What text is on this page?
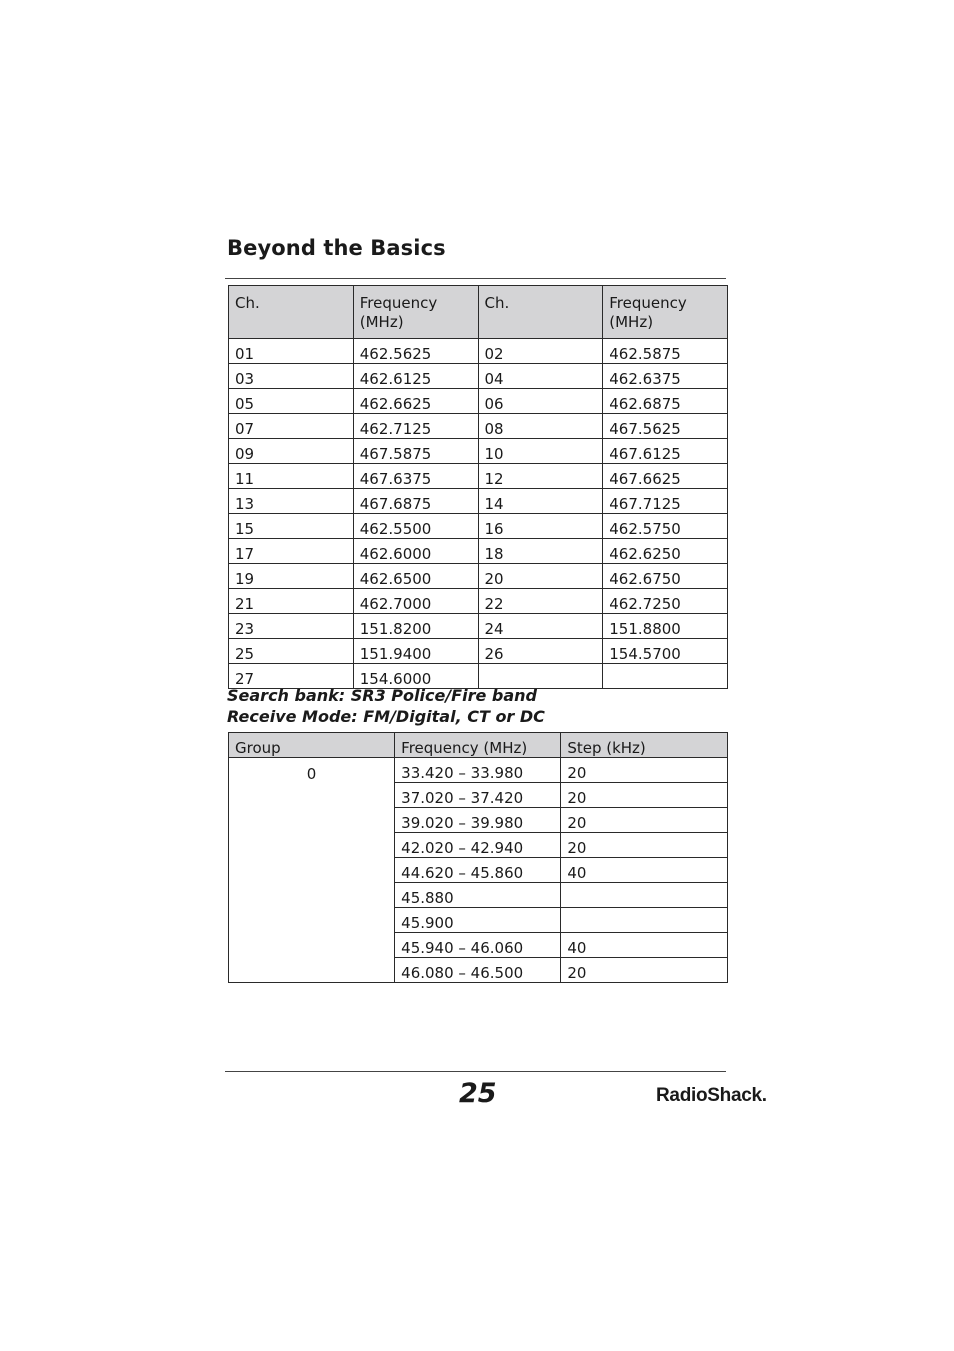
Beyond the Basics
Ch.	Frequency (MHz)	Ch.	Frequency (MHz)
01	462.5625	02	462.5875
03	462.6125	04	462.6375
05	462.6625	06	462.6875
07	462.7125	08	467.5625
09	467.5875	10	467.6125
11	467.6375	12	467.6625
13	467.6875	14	467.7125
15	462.5500	16	462.5750
17	462.6000	18	462.6250
19	462.6500	20	462.6750
21	462.7000	22	462.7250
23	151.8200	24	151.8800
25	151.9400	26	154.5700
27	154.6000		
Search bank: SR3 Police/Fire band
Receive Mode: FM/Digital, CT or DC
Group	Frequency (MHz)	Step (kHz)
0	33.420 – 33.980	20
	37.020 – 37.420	20
	39.020 – 39.980	20
	42.020 – 42.940	20
	44.620 – 45.860	40
	45.880	
	45.900	
	45.940 – 46.060	40
	46.080 – 46.500	20
25	RadioShack.
